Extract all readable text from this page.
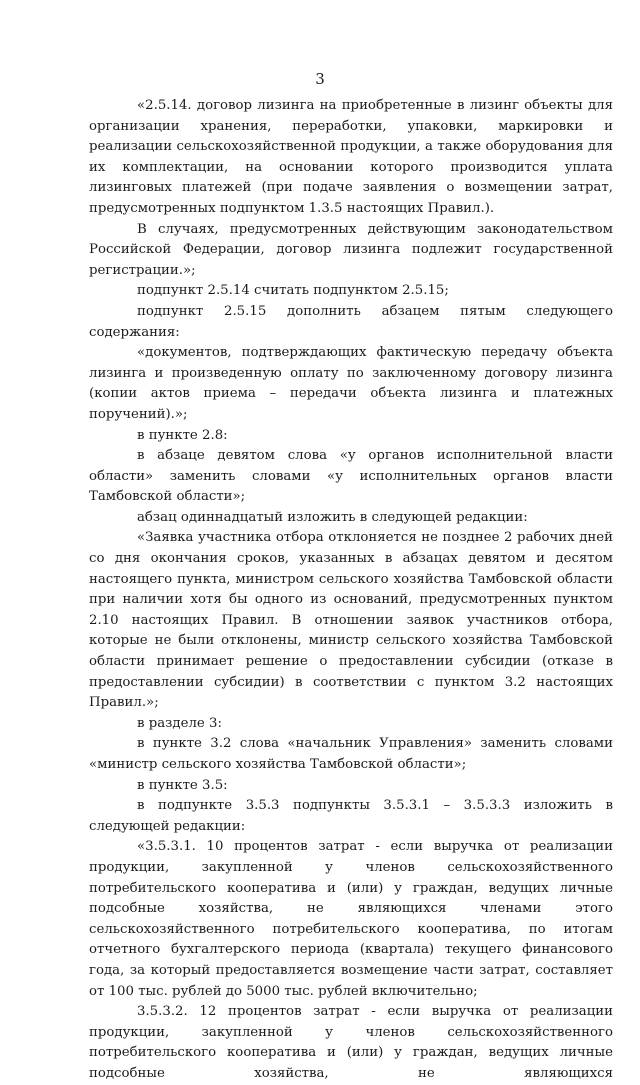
3

«2.5.14. договор лизинга на приобретенные в лизинг объекты для организации хранения, переработки, упаковки, маркировки и реализации сельскохозяйственной продукции, а также оборудования для их комплектации, на основании которого производится уплата лизинговых платежей (при подаче заявления о возмещении затрат, предусмотренных подпунктом 1.3.5 настоящих Правил.).

В случаях, предусмотренных действующим законодательством Российской Федерации, договор лизинга подлежит государственной регистрации.»;

подпункт 2.5.14 считать подпунктом 2.5.15;

подпункт 2.5.15 дополнить абзацем пятым следующего содержания:

«документов, подтверждающих фактическую передачу объекта лизинга и произведенную оплату по заключенному договору лизинга (копии актов приема – передачи объекта лизинга и платежных поручений).»;

в пункте 2.8:

в абзаце девятом слова «у органов исполнительной власти области» заменить словами «у исполнительных органов власти Тамбовской области»;

абзац одиннадцатый изложить в следующей редакции:

«Заявка участника отбора отклоняется не позднее 2 рабочих дней со дня окончания сроков, указанных в абзацах девятом и десятом настоящего пункта, министром сельского хозяйства Тамбовской области при наличии хотя бы одного из оснований, предусмотренных пунктом 2.10 настоящих Правил. В отношении заявок участников отбора, которые не были отклонены, министр сельского хозяйства Тамбовской области принимает решение о предоставлении субсидии (отказе в предоставлении субсидии) в соответствии с пунктом 3.2 настоящих Правил.»;

в разделе 3:

в пункте 3.2 слова «начальник Управления» заменить словами «министр сельского хозяйства Тамбовской области»;

в пункте 3.5:

в подпункте 3.5.3 подпункты 3.5.3.1 – 3.5.3.3 изложить в следующей редакции:

«3.5.3.1. 10 процентов затрат - если выручка от реализации продукции, закупленной у членов сельскохозяйственного потребительского кооператива и (или) у граждан, ведущих личные подсобные хозяйства, не являющихся членами этого сельскохозяйственного потребительского кооператива, по итогам отчетного бухгалтерского периода (квартала) текущего финансового года, за который предоставляется возмещение части затрат, составляет от 100 тыс. рублей до 5000 тыс. рублей включительно;

3.5.3.2. 12 процентов затрат - если выручка от реализации продукции, закупленной у членов сельскохозяйственного потребительского кооператива и (или) у граждан, ведущих личные подсобные хозяйства, не являющихся
